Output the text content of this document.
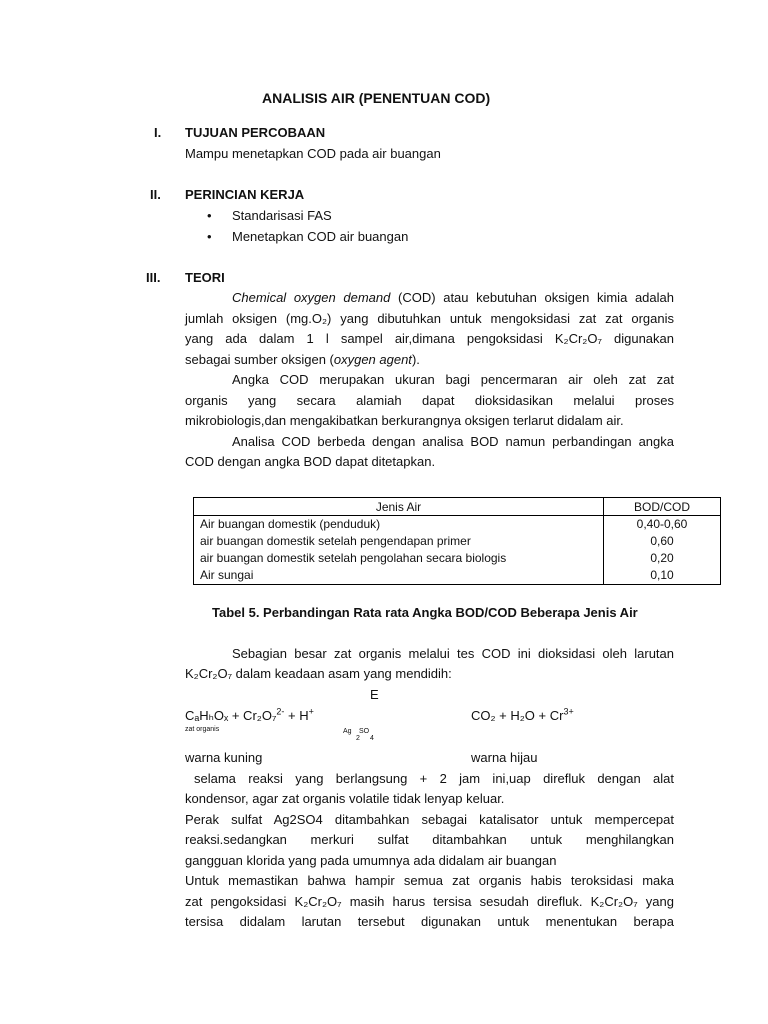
ANALISIS AIR (PENENTUAN COD)
I. TUJUAN PERCOBAAN
Mampu menetapkan COD pada air buangan
II. PERINCIAN KERJA
• Standarisasi FAS
• Menetapkan COD air buangan
III. TEORI
Chemical oxygen demand (COD) atau kebutuhan oksigen kimia adalah
jumlah oksigen (mg.O₂) yang dibutuhkan untuk mengoksidasi zat zat organis
yang ada dalam 1 l sampel air,dimana pengoksidasi K₂Cr₂O₇ digunakan
sebagai sumber oksigen (oxygen agent).
Angka COD merupakan ukuran bagi pencermaran air oleh zat zat
organis yang secara alamiah dapat dioksidasikan melalui proses
mikrobiologis,dan mengakibatkan berkurangnya oksigen terlarut didalam air.
Analisa COD berbeda dengan analisa BOD namun perbandingan angka
COD dengan angka BOD dapat ditetapkan.
Jenis Air	BOD/COD
Air buangan domestik (penduduk)	0,40-0,60
air buangan domestik setelah pengendapan primer	0,60
air buangan domestik setelah pengolahan secara biologis	0,20
Air sungai	0,10
Tabel 5. Perbandingan Rata rata Angka BOD/COD Beberapa Jenis Air
Sebagian besar zat organis melalui tes COD ini dioksidasi oleh larutan
K₂Cr₂O₇ dalam keadaan asam yang mendidih:
E
CₐHₕOₓ + Cr₂O₇$^{2-}$ + H+	$CO_2 + H_2O + Cr^{3+}$
zat organis	Ag
2
SO
4
warna kuning	warna hijau
selama reaksi yang berlangsung + 2 jam ini,uap direfluk dengan alat
kondensor, agar zat organis volatile tidak lenyap keluar.
Perak sulfat Ag2SO4 ditambahkan sebagai katalisator untuk mempercepat
reaksi.sedangkan merkuri sulfat ditambahkan untuk menghilangkan
gangguan klorida yang pada umumnya ada didalam air buangan
Untuk memastikan bahwa hampir semua zat organis habis teroksidasi maka
zat pengoksidasi K₂Cr₂O₇ masih harus tersisa sesudah direfluk. K₂Cr₂O₇ yang
tersisa didalam larutan tersebut digunakan untuk menentukan berapa
